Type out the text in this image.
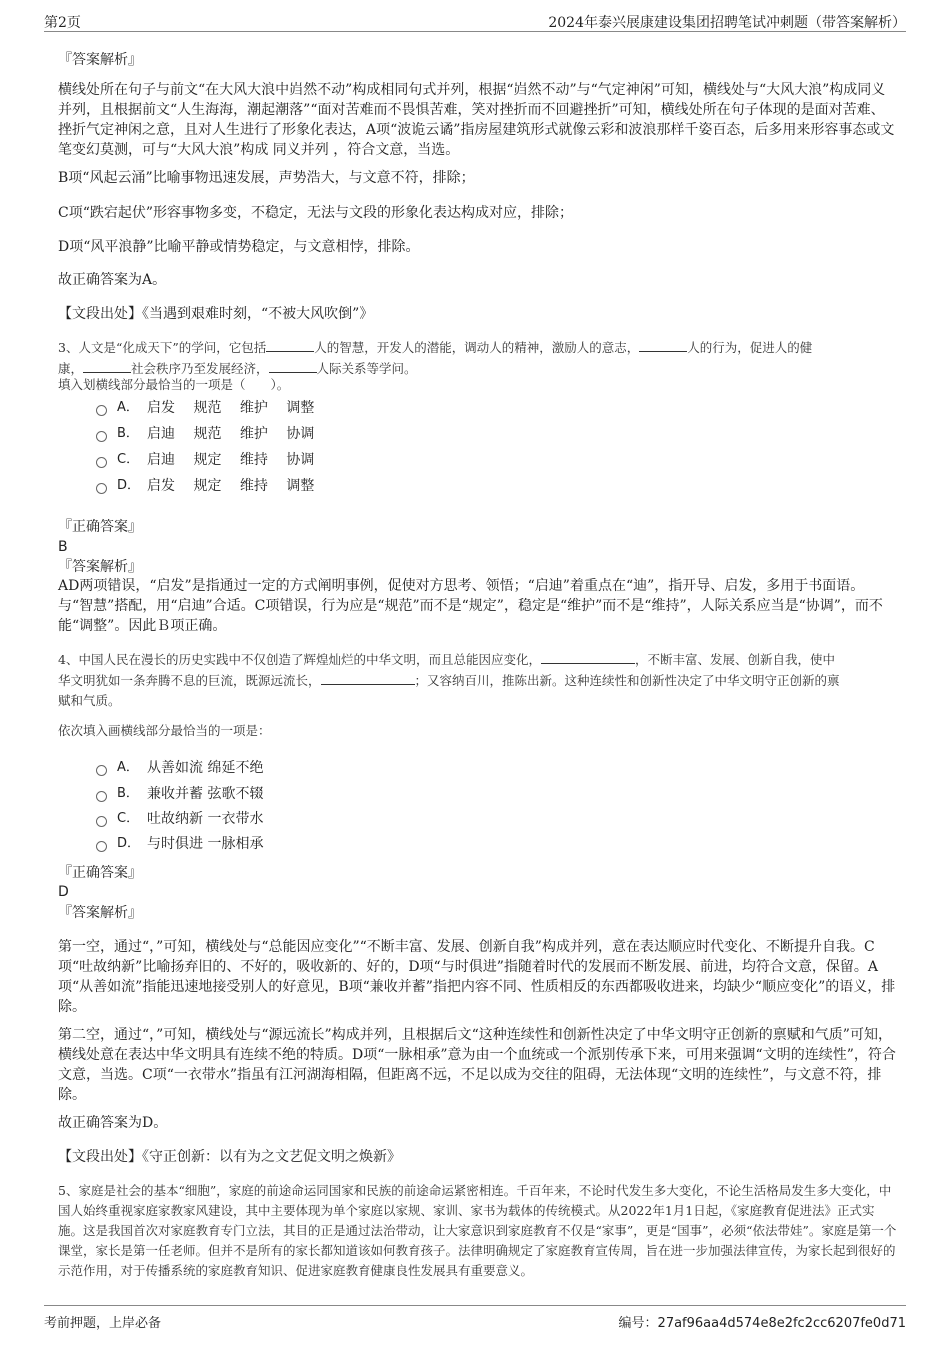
第2页	2024年泰兴展康建设集团招聘笔试冲刺题（带答案解析）
『答案解析』
横线处所在句子与前文“在大风大浪中岿然不动”构成相同句式并列，根据“岿然不动”与“气定神闲”可知，横线处与“大风大浪”构成同义并列，且根据前文“人生海海，潮起潮落”“面对苦难而不畏惧苦难，笑对挫折而不回避挫折”可知，横线处所在句子体现的是面对苦难、挫折气定神闲之意，且对人生进行了形象化表达，A项“波诡云谲”指房屋建筑形式就像云彩和波浪那样千姿百态，后多用来形容事态或文笔变幻莫测，可与“大风大浪”构成 同义并列 ，符合文意，当选。
B项“风起云涌”比喻事物迅速发展，声势浩大，与文意不符，排除；
C项“跌宕起伏”形容事物多变，不稳定，无法与文段的形象化表达构成对应，排除；
D项“风平浪静”比喻平静或情势稳定，与文意相悖，排除。
故正确答案为A。
【文段出处】《当遇到艰难时刻，“不被大风吹倒”》
3、人文是“化成天下”的学问，它包括	人的智慧，开发人的潜能，调动人的精神，激励人的意志，	人的行为，促进人的健
康，	社会秩序乃至发展经济，	人际关系等学问。
填入划横线部分最恰当的一项是（　　）。
A． 启发　 规范　 维护　 调整
B． 启迪　 规范　 维护　 协调
C． 启迪　 规定　 维持　 协调
D． 启发　 规定　 维持　 调整
『正确答案』
B
『答案解析』
AD两项错误，“启发”是指通过一定的方式阐明事例，促使对方思考、领悟；“启迪”着重点在“迪”，指开导、启发，多用于书面语。与“智慧”搭配，用“启迪”合适。C项错误，行为应是“规范”而不是“规定”，稳定是“维护”而不是“维持”，人际关系应当是“协调”，而不能“调整”。因此Ｂ项正确。
4、中国人民在漫长的历史实践中不仅创造了辉煌灿烂的中华文明，而且总能因应变化，	，不断丰富、发展、创新自我，使中
华文明犹如一条奔腾不息的巨流，既源远流长，	；又容纳百川，推陈出新。这种连续性和创新性决定了中华文明守正创新的禀
赋和气质。
依次填入画横线部分最恰当的一项是：
A． 从善如流 绵延不绝
B． 兼收并蓄 弦歌不辍
C． 吐故纳新 一衣带水
D． 与时俱进 一脉相承
『正确答案』
D
『答案解析』
第一空，通过“，”可知，横线处与“总能因应变化”“不断丰富、发展、创新自我”构成并列，意在表达顺应时代变化、不断提升自我。C项“吐故纳新”比喻扬弃旧的、不好的，吸收新的、好的，D项“与时俱进”指随着时代的发展而不断发展、前进，均符合文意，保留。A项“从善如流”指能迅速地接受别人的好意见，B项“兼收并蓄”指把内容不同、性质相反的东西都吸收进来，均缺少“顺应变化”的语义，排除。
第二空，通过“，”可知，横线处与“源远流长”构成并列，且根据后文“这种连续性和创新性决定了中华文明守正创新的禀赋和气质”可知，横线处意在表达中华文明具有连续不绝的特质。D项“一脉相承”意为由一个血统或一个派别传承下来，可用来强调“文明的连续性”，符合文意，当选。C项“一衣带水”指虽有江河湖海相隔，但距离不远，不足以成为交往的阻碍，无法体现“文明的连续性”，与文意不符，排除。
故正确答案为D。
【文段出处】《守正创新：以有为之文艺促文明之焕新》
5、家庭是社会的基本“细胞”，家庭的前途命运同国家和民族的前途命运紧密相连。千百年来，不论时代发生多大变化，不论生活格局发生多大变化，中国人始终重视家庭家教家风建设，其中主要体现为单个家庭以家规、家训、家书为载体的传统模式。从2022年1月1日起，《家庭教育促进法》正式实施。这是我国首次对家庭教育专门立法，其目的正是通过法治带动，让大家意识到家庭教育不仅是“家事”，更是“国事”，必须“依法带娃”。家庭是第一个课堂，家长是第一任老师。但并不是所有的家长都知道该如何教育孩子。法律明确规定了家庭教育宣传周，旨在进一步加强法律宣传，为家长起到很好的示范作用，对于传播系统的家庭教育知识、促进家庭教育健康良性发展具有重要意义。
考前押题，上岸必备	编号：27af96aa4d574e8e2fc2cc6207fe0d71
